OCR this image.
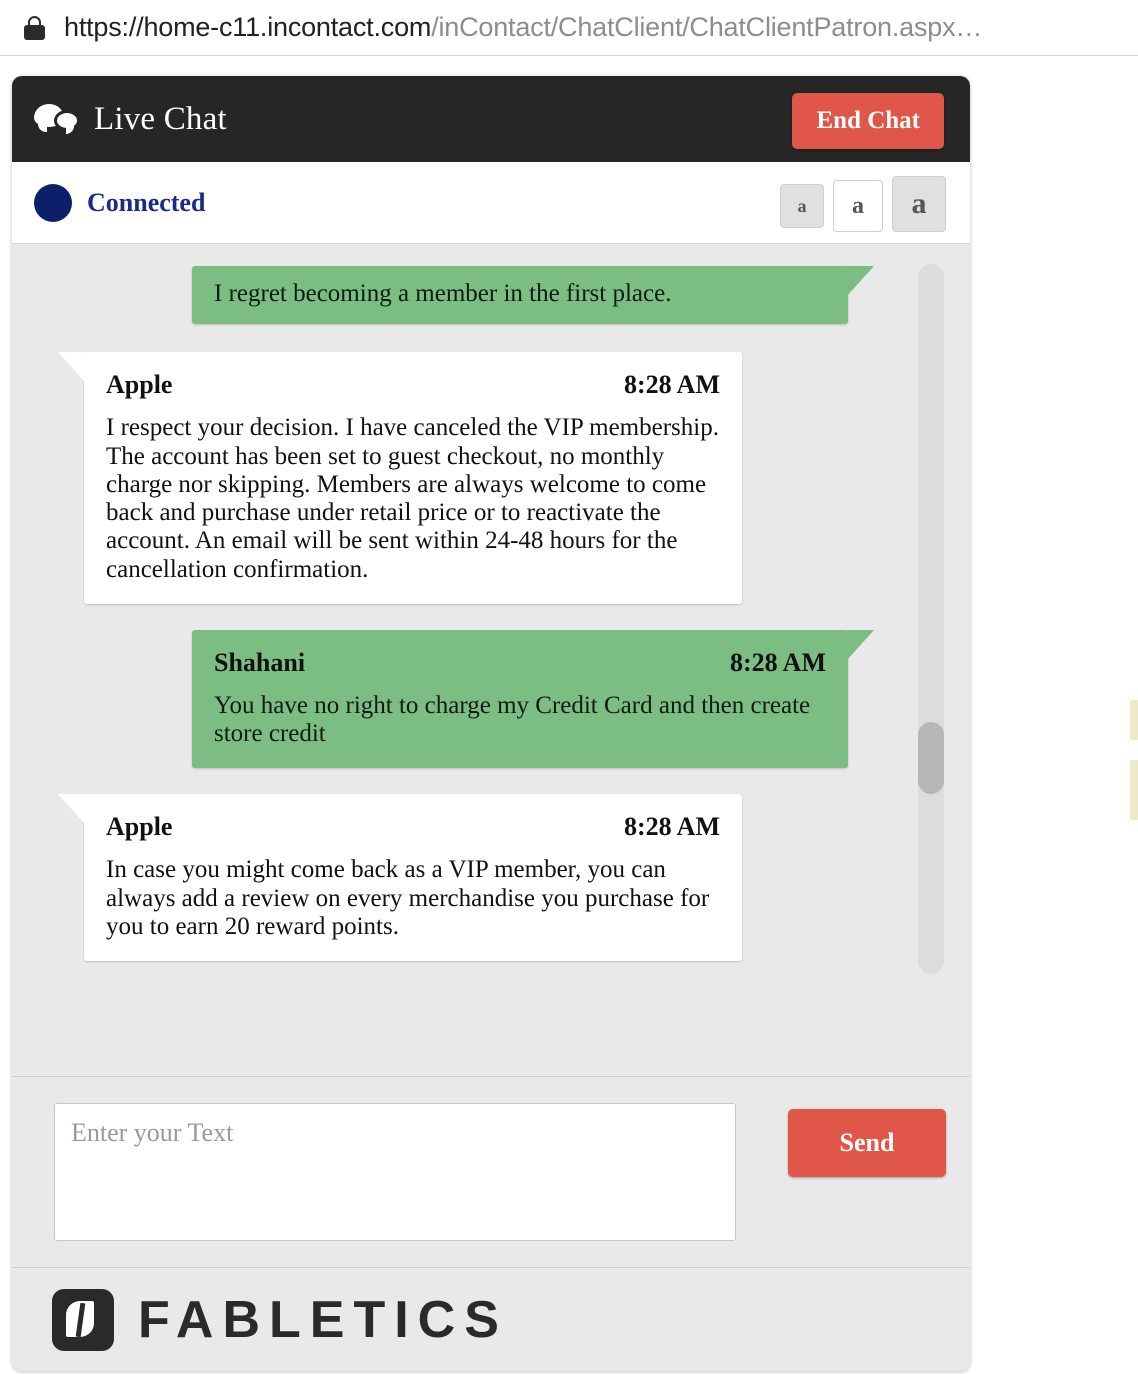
https://home-c11.incontact.com/inContact/ChatClient/ChatClientPatron.aspx…
Live Chat	End Chat
Connected	a	a	a
I regret becoming a member in the first place.
Apple	8:28 AM
I respect your decision. I have canceled the VIP membership. The account has been set to guest checkout, no monthly charge nor skipping. Members are always welcome to come back and purchase under retail price or to reactivate the account. An email will be sent within 24-48 hours for the cancellation confirmation.
Shahani	8:28 AM
You have no right to charge my Credit Card and then create store credit
Apple	8:28 AM
In case you might come back as a VIP member, you can always add a review on every merchandise you purchase for you to earn 20 reward points.
Enter your Text
Send
FABLETICS
